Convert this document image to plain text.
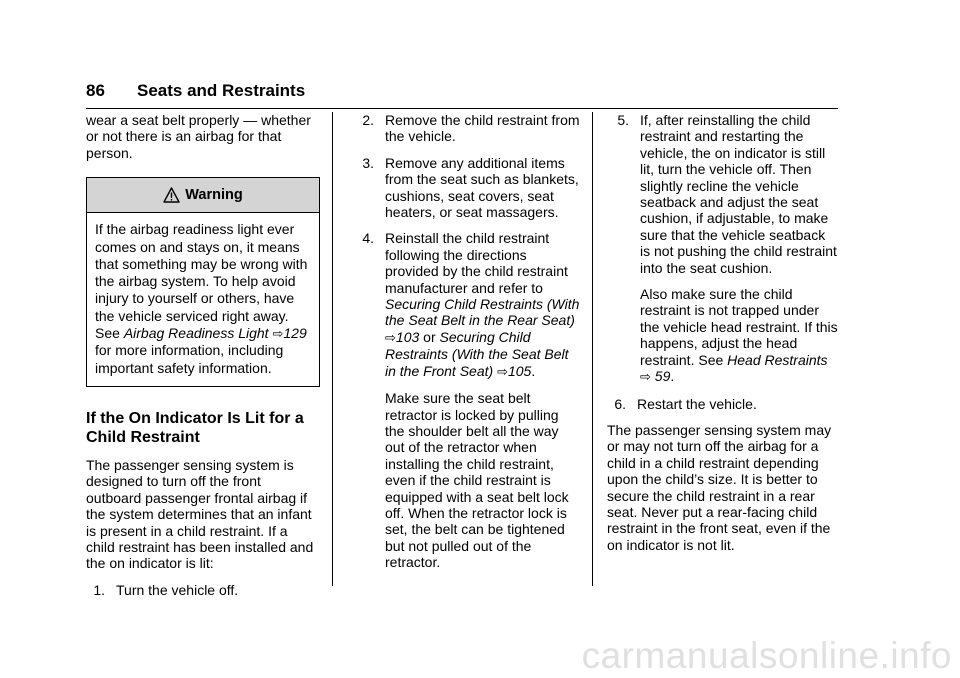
86 Seats and Restraints

wear a seat belt properly — whether or not there is an airbag for that person.

Warning
If the airbag readiness light ever comes on and stays on, it means that something may be wrong with the airbag system. To help avoid injury to yourself or others, have the vehicle serviced right away. See Airbag Readiness Light ⇨129 for more information, including important safety information.
If the On Indicator Is Lit for a Child Restraint

The passenger sensing system is designed to turn off the front outboard passenger frontal airbag if the system determines that an infant is present in a child restraint. If a child restraint has been installed and the on indicator is lit:

1. Turn the vehicle off.
2. Remove the child restraint from the vehicle.
3. Remove any additional items from the seat such as blankets, cushions, seat covers, seat heaters, or seat massagers.
4. Reinstall the child restraint following the directions provided by the child restraint manufacturer and refer to Securing Child Restraints (With the Seat Belt in the Rear Seat) ⇨103 or Securing Child Restraints (With the Seat Belt in the Front Seat) ⇨105.
Make sure the seat belt retractor is locked by pulling the shoulder belt all the way out of the retractor when installing the child restraint, even if the child restraint is equipped with a seat belt lock off. When the retractor lock is set, the belt can be tightened but not pulled out of the retractor.
5. If, after reinstalling the child restraint and restarting the vehicle, the on indicator is still lit, turn the vehicle off. Then slightly recline the vehicle seatback and adjust the seat cushion, if adjustable, to make sure that the vehicle seatback is not pushing the child restraint into the seat cushion.
Also make sure the child restraint is not trapped under the vehicle head restraint. If this happens, adjust the head restraint. See Head Restraints
⇨ 59.
6. Restart the vehicle.

The passenger sensing system may or may not turn off the airbag for a child in a child restraint depending upon the child’s size. It is better to secure the child restraint in a rear seat. Never put a rear-facing child restraint in the front seat, even if the on indicator is not lit.

carmanualsonline.info
